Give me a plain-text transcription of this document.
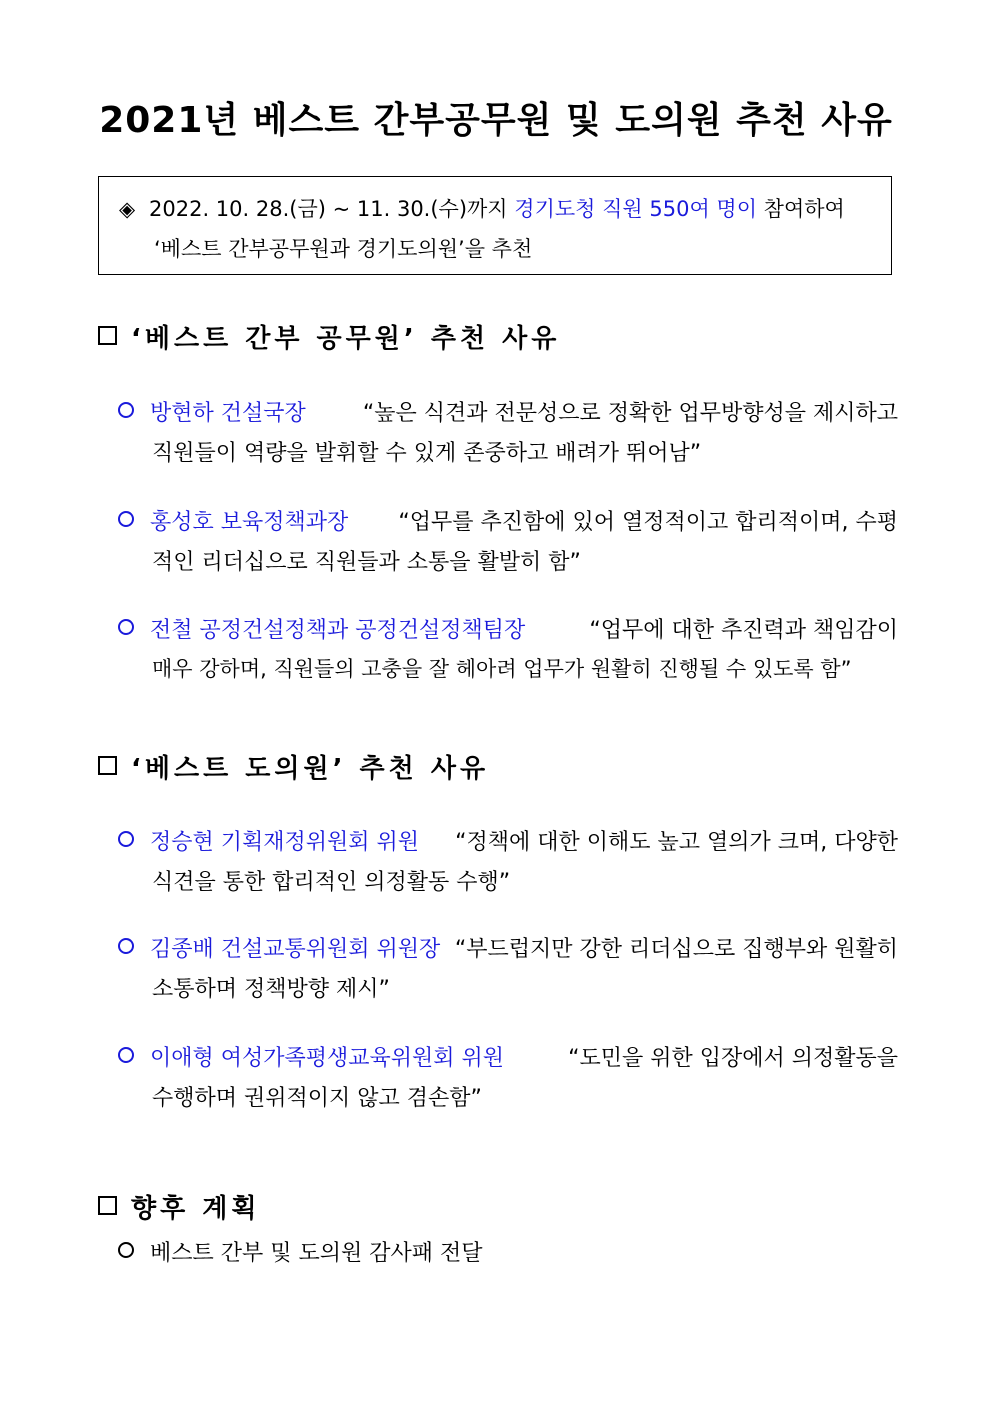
2021년 베스트 간부공무원 및 도의원 추천 사유
◈ 2022. 10. 28.(금) ~ 11. 30.(수)까지 경기도청 직원 550여 명이 참여하여
‘베스트 간부공무원과 경기도의원’을 추천
‘베스트 간부 공무원’ 추천 사유
방현하 건설국장	“높은 식견과 전문성으로 정확한 업무방향성을 제시하고
직원들이 역량을 발휘할 수 있게 존중하고 배려가 뛰어남”
홍성호 보육정책과장 “업무를 추진함에 있어 열정적이고 합리적이며, 수평
적인 리더십으로 직원들과 소통을 활발히 함”
전철 공정건설정책과 공정건설정책팀장	“업무에 대한 추진력과 책임감이
매우 강하며, 직원들의 고충을 잘 헤아려 업무가 원활히 진행될 수 있도록 함”
‘베스트 도의원’ 추천 사유
정승현 기획재정위원회 위원 “정책에 대한 이해도 높고 열의가 크며, 다양한
식견을 통한 합리적인 의정활동 수행”
김종배 건설교통위원회 위원장 “부드럽지만 강한 리더십으로 집행부와 원활히
소통하며 정책방향 제시”
이애형 여성가족평생교육위원회 위원	“도민을 위한 입장에서 의정활동을
수행하며 권위적이지 않고 겸손함”
향후 계획
베스트 간부 및 도의원 감사패 전달
